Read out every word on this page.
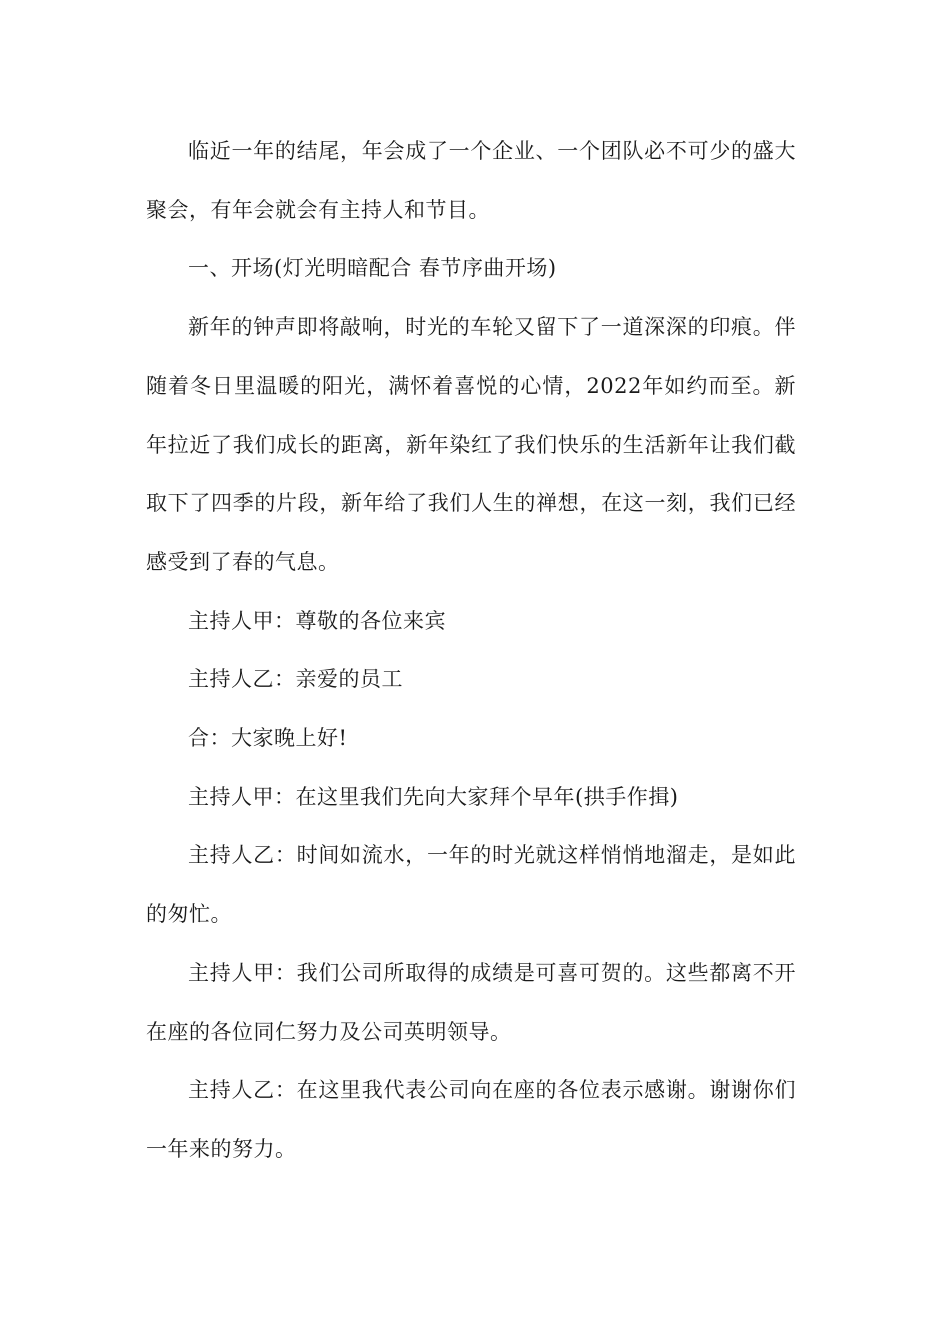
临近一年的结尾，年会成了一个企业、一个团队必不可少的盛大聚会，有年会就会有主持人和节目。

一、开场(灯光明暗配合 春节序曲开场)

新年的钟声即将敲响，时光的车轮又留下了一道深深的印痕。伴随着冬日里温暖的阳光，满怀着喜悦的心情，2022年如约而至。新年拉近了我们成长的距离，新年染红了我们快乐的生活新年让我们截取下了四季的片段，新年给了我们人生的禅想，在这一刻，我们已经感受到了春的气息。

主持人甲：尊敬的各位来宾

主持人乙：亲爱的员工

合：大家晚上好!

主持人甲：在这里我们先向大家拜个早年(拱手作揖)

主持人乙：时间如流水，一年的时光就这样悄悄地溜走，是如此的匆忙。

主持人甲：我们公司所取得的成绩是可喜可贺的。这些都离不开在座的各位同仁努力及公司英明领导。

主持人乙：在这里我代表公司向在座的各位表示感谢。谢谢你们一年来的努力。
